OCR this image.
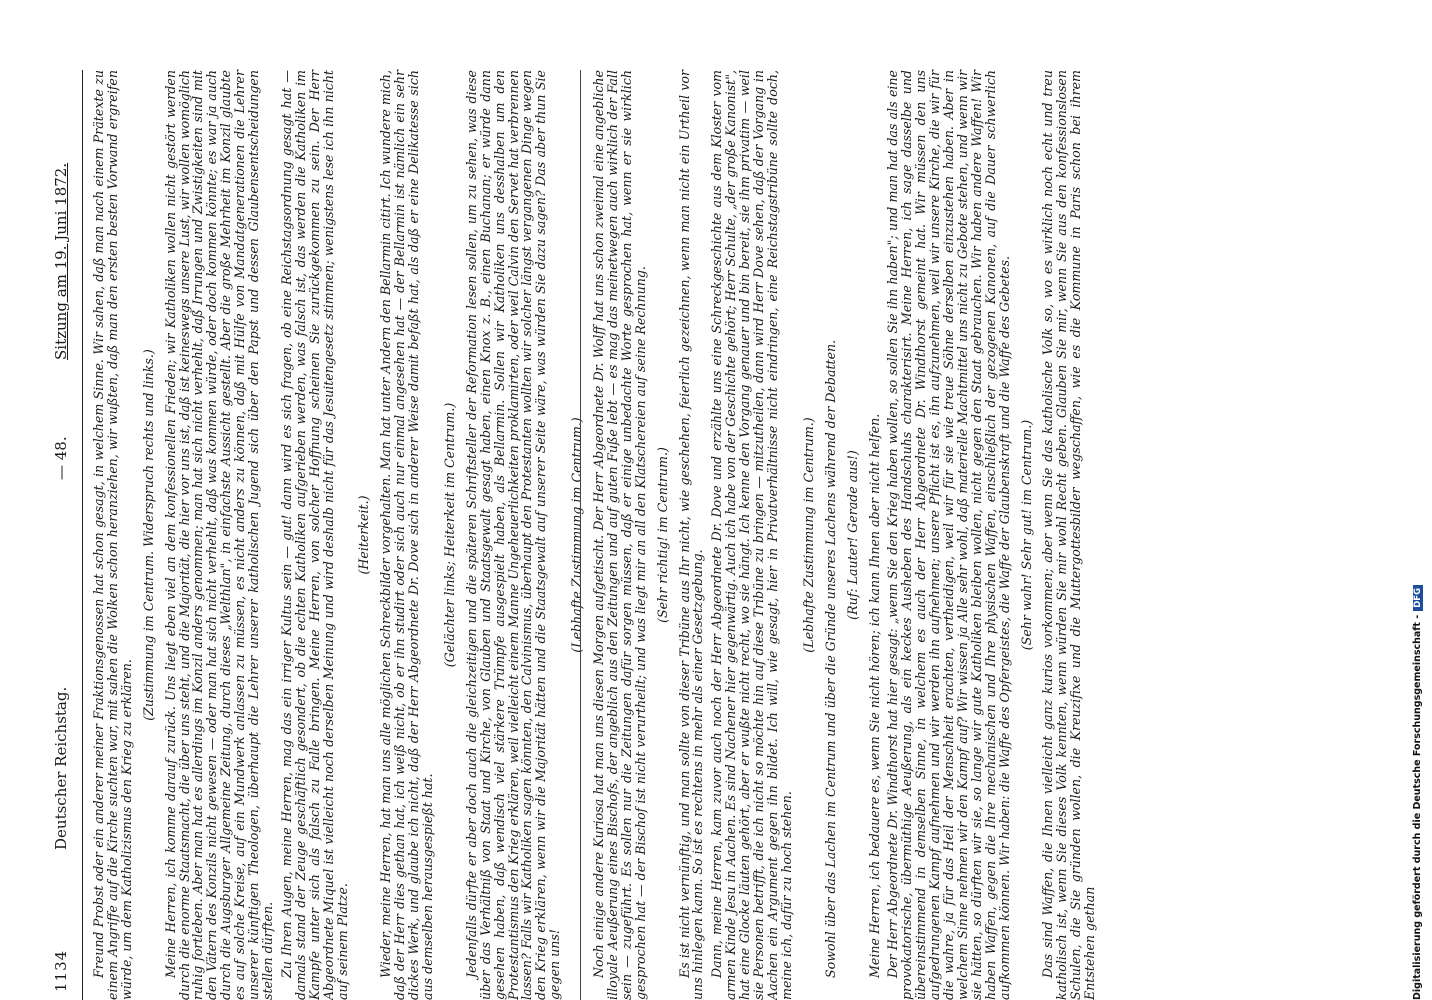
1134
Deutscher Reichstag.
— 48.
Sitzung am 19. Juni 1872. Freund Probst oder ein anderer meiner Fraktionsgenossen hat schon gesagt, in welchem Sinne. Wir sahen, daß man nach einem Prätexte zu einem Angriffe auf die Kirche suchten war, mit sahen die Wolken schon heranziehen, wir wußten, daß man den ersten besten Vorwand ergreifen würde, um dem Katholizismus den Krieg zu erklären.

(Zustimmung im Centrum. Widerspruch rechts und links.) Meine Herren, ich komme darauf zurück. Uns liegt eben viel an dem konfessionellen Frieden; wir Katholiken wollen nicht gestört werden durch die enorme Staatsmacht, die über uns steht, und die Majorität, die hier vor uns ist, daß ist keineswegs unsere Lust, wir wollen womöglich ruhig fortleben. Aber man hat es allerdings im Konzil anders genommen; man hat sich nicht verhehlt, daß Irrungen und Zwistigkeiten sind mit den Vätern des Konzils nicht gewesen — oder man hat sich nicht verhehlt, daß was kommen würde, oder doch kommen könnte; es war ja auch durch die Augsburger Allgemeine Zeitung, durch dieses „Welthlan", in einfachste Aussicht gestellt. Aber die große Mehrheit im Konzil glaubte es auf solche Kreise, auf ein Mundwerk anlassen zu müssen, es nicht anders zu können, daß mit Hülfe von Mandatgenerationen die Lehrer unserer künftigen Theologen, überhaupt die Lehrer unserer katholischen Jugend sich über den Papst und dessen Glaubensentscheidungen stellen dürften. Zu Ihren Augen, meine Herren, mag das ein irriger Kultus sein — gut! dann wird es sich fragen, ob eine Reichstagsordnung gesagt hat — damals stand der Zeuge geschäftlich gesondert, ob die echten Katholiken aufgerieben werden, was falsch ist, das werden die Katholiken im Kampfe unter sich als falsch zu Falle bringen. Meine Herren, von solcher Hoffnung scheinen Sie zurückgekommen zu sein. Der Herr Abgeordnete Miquel ist vielleicht noch derselben Meinung und wird deshalb nicht für das Jesuitengesetz stimmen; wenigstens lese ich ihn nicht auf seinem Platze.

(Heiterkeit.) Wieder, meine Herren, hat man uns alle möglichen Schreckbilder vorgehalten. Man hat unter Andern den Bellarmin citirt. Ich wundere mich, daß der Herr dies gethan hat, ich weiß nicht, ob er ihn studirt oder sich auch nur einmal angesehen hat — der Bellarmin ist nämlich ein sehr dickes Werk, und glaube ich nicht, daß der Herr Abgeordnete Dr. Dove sich in anderer Weise damit befaßt hat, als daß er eine Delikatesse sich aus demselben herausgespießt hat.

(Gelächter links; Heiterkeit im Centrum.) Jedenfalls dürfte er aber doch auch die gleichzeitigen und die späteren Schriftsteller der Reformation lesen sollen, um zu sehen, was diese über das Verhältniß von Staat und Kirche, von Glauben und Staatsgewalt gesagt haben, einen Knox z. B., einen Buchanan; er würde dann gesehen haben, daß wendisch viel stärkere Trümpfe ausgespielt haben, als Bellarmin. Sollen wir Katholiken uns desshalben um den Protestantismus den Krieg erklären, weil vielleicht einem Manne Ungeheuerlichkeiten proklamirten, oder weil Calvin den Servet hat verbrennen lassen? Falls wir Katholiken sagen könnten, den Calvinismus, überhaupt den Protestanten wollten wir solcher längst vergangenen Dinge wegen den Krieg erklären, wenn wir die Majorität hätten und die Staatsgewalt auf unserer Seite wäre, was würden Sie dazu sagen? Das aber thun Sie gegen uns!

(Lebhafte Zustimmung im Centrum.) Noch einige andere Kuriosa hat man uns diesen Morgen aufgetischt. Der Herr Abgeordnete Dr. Wolff hat uns schon zweimal eine angebliche illoyale Aeußerung eines Bischofs, der angeblich aus den Zeitungen und auf guten Fuße lebt — es mag das meinetwegen auch wirklich der Fall sein — zugeführt. Es sollen nur die Zeitungen dafür sorgen müssen, daß er einige unbedachte Worte gesprochen hat, wenn er sie wirklich gesprochen hat — der Bischof ist nicht verurtheilt; und was liegt mir an all den Klatschereien auf seine Rechnung. (Sehr richtig! im Centrum.) Es ist nicht vernünftig, und man sollte von dieser Tribüne aus Ihr nicht, wie geschehen, feierlich gezeichnen, wenn man nicht ein Urtheil vor uns hinlegen kann. So ist es rechtens in mehr als einer Gesetzgebung. Dann, meine Herren, kam zuvor auch noch der Herr Abgeordnete Dr. Dove und erzählte uns eine Schreckgeschichte aus dem Kloster vom armen Kinde Jesu in Aachen. Es sind Nachener hier gegenwärtig. Auch ich habe von der Geschichte gehört; Herr Schulte, „der große Kanonist", hat eine Glocke läuten gehört, aber er wußte nicht recht, wo sie hängt. Ich kenne den Vorgang genauer und bin bereit, sie ihm privatim — weil sie Personen betrifft, die ich nicht so möchte hin auf diese Tribüne zu bringen — mitzutheilen, dann wird Herr Dove sehen, daß der Vorgang in Aachen ein Argument gegen ihn bildet. Ich will, wie gesagt, hier in Privatverhältnisse nicht eindringen, eine Reichstagstribüne sollte doch, meine ich, dafür zu hoch stehen.

(Lebhafte Zustimmung im Centrum.) Sowohl über das Lachen im Centrum und über die Gründe unseres Lachens während der Debatten. (Ruf: Lauter! Gerade aus!) Meine Herren, ich bedauere es, wenn Sie nicht hören; ich kann Ihnen aber nicht helfen. Der Herr Abgeordnete Dr. Windthorst hat hier gesagt: „wenn Sie den Krieg haben wollen, so sollen Sie ihn haben"; und man hat das als eine provokatorische, übermüthige Aeußerung, als ein keckes Ausheben des Handschuhs charakterisirt. Meine Herren, ich sage dasselbe und übereinstimmend in demselben Sinne, in welchem es auch der Herr Abgeordnete Dr. Windthorst gemeint hat. Wir müssen den uns aufgedrungenen Kampf aufnehmen und wir werden ihn aufnehmen; unsere Pflicht ist es, ihn aufzunehmen, weil wir unsere Kirche, die wir für die wahre, ja für das Heil der Menschheit erachten, vertheidigen, weil wir für sie wie treue Söhne derselben einzustehen haben. Aber in welchem Sinne nehmen wir den Kampf auf? Wir wissen ja Alle sehr wohl, daß materielle Machtmittel uns nicht zu Gebote stehen, und wenn wir sie hätten, so dürften wir sie, so lange wir gute Katholiken bleiben wollen, nicht gegen den Staat gebrauchen. Wir haben andere Waffen! Wir haben Waffen, gegen die Ihre mechanischen und Ihre physischen Waffen, einschließlich der gezogenen Kanonen, auf die Dauer schwerlich aufkommen können. Wir haben: die Waffe des Opfergeistes, die Waffe der Glaubenskraft und die Waffe des Gebetes. (Sehr wahr! Sehr gut! im Centrum.) Das sind Waffen, die Ihnen vielleicht ganz kurios vorkommen; aber wenn Sie das katholische Volk so, wo es wirklich noch echt und treu katholisch ist, wenn Sie dieses Volk kennten, wenn würden Sie mir wohl Recht geben. Glauben Sie mir, wenn Sie aus den konfessionslosen Schulen, die Sie gründen wollen, die Kreuzifixe und die Muttergottesbilder wegschaffen, wie es die Kommune in Paris schon bei ihrem Entstehen gethan	Digitalisierung gefördert durch die Deutsche Forschungsgemeinschaft -DFG
